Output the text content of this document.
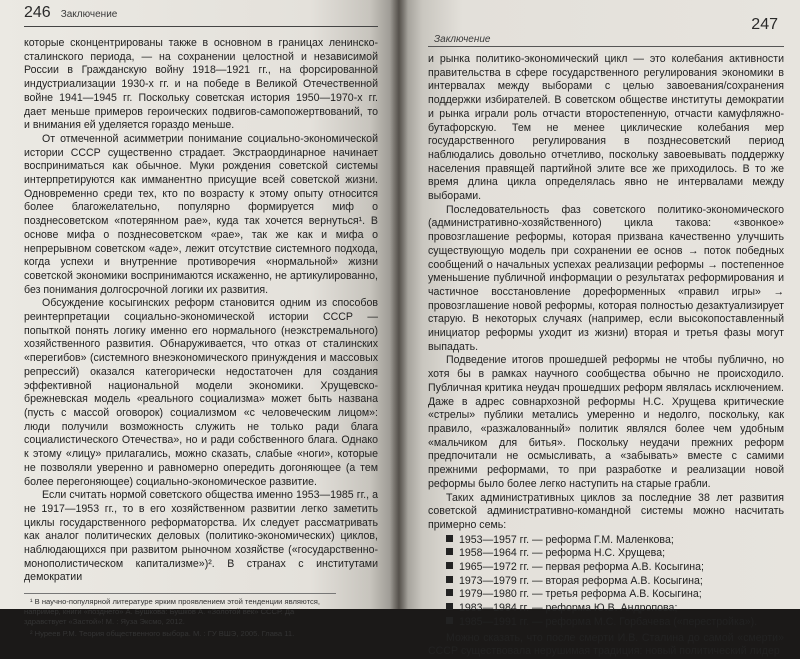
246 Заключение

которые сконцентрированы также в основном в границах ленинско-сталинского периода, — на сохранении целостной и независимой России в Гражданскую войну 1918—1921 гг., на форсированной индустриализации 1930-х гг. и на победе в Великой Отечественной войне 1941—1945 гг. Поскольку советская история 1950—1970-х гг. дает меньше примеров героических подвигов-самопожертвований, то и внимания ей уделяется гораздо меньше.

От отмеченной асимметрии понимание социально-экономической истории СССР существенно страдает. Экстраординарное начинает восприниматься как обычное. Муки рождения советской системы интерпретируются как имманентно присущие всей советской жизни. Одновременно среди тех, кто по возрасту к этому опыту относится более благожелательно, популярно формируется миф о позднесоветском «потерянном рае», куда так хочется вернуться¹. В основе мифа о позднесоветском «рае», так же как и мифа о непрерывном советском «аде», лежит отсутствие системного подхода, когда успехи и внутренние противоречия «нормальной» жизни советской экономики воспринимаются искаженно, не артикулированно, без понимания долгосрочной логики их развития.

Обсуждение косыгинских реформ становится одним из способов реинтерпретации социально-экономической истории СССР — попыткой понять логику именно его нормального (неэкстремального) хозяйственного развития. Обнаруживается, что отказ от сталинских «перегибов» (системного внеэкономического принуждения и массовых репрессий) оказался категорически недостаточен для создания эффективной национальной модели экономики. Хрущевско-брежневская модель «реального социализма» может быть названа (пусть с массой оговорок) социализмом «с человеческим лицом»: люди получили возможность служить не только ради блага социалистического Отечества», но и ради собственного блага. Однако к этому «лицу» прилагались, можно сказать, слабые «ноги», которые не позволяли уверенно и равномерно опередить догоняющее (а тем более перегоняющее) социально-экономическое развитие.

Если считать нормой советского общества именно 1953—1985 гг., а не 1917—1953 гг., то в его хозяйственном развитии легко заметить циклы государственного реформаторства. Их следует рассматривать как аналог политических деловых (политико-экономических) циклов, наблюдающихся при развитом рыночном хозяйстве («государственно-монополистическом капитализме»)². В странах с институтами демократии

¹ В научно-популярной литературе ярким проявлением этой тенденции являются, например, книги «позднего» А. Бушкова: Бушков А. «Золотой век» СССР. Да здравствует «Застой»! М. : Яуза Эксмо, 2012.

² Нуреев Р.М. Теория общественного выбора. М. : ГУ ВШЭ, 2005. Глава 11.

247
Заключение

и рынка политико-экономический цикл — это колебания активности правительства в сфере государственного регулирования экономики в интервалах между выборами с целью завоевания/сохранения поддержки избирателей. В советском обществе институты демократии и рынка играли роль отчасти второстепенную, отчасти камуфляжно-бутафорскую. Тем не менее циклические колебания мер государственного регулирования в позднесоветский период наблюдались довольно отчетливо, поскольку завоевывать поддержку населения правящей партийной элите все же приходилось. В то же время длина цикла определялась явно не интервалами между выборами.

Последовательность фаз советского политико-экономического (административно-хозяйственного) цикла такова: «звонкое» провозглашение реформы, которая призвана качественно улучшить существующую модель при сохранении ее основ → поток победных сообщений о начальных успехах реализации реформы → постепенное уменьшение публичной информации о результатах реформирования и частичное восстановление дореформенных «правил игры» → провозглашение новой реформы, которая полностью дезактуализирует старую. В некоторых случаях (например, если высокопоставленный инициатор реформы уходит из жизни) вторая и третья фазы могут выпадать.

Подведение итогов прошедшей реформы не чтобы публично, но хотя бы в рамках научного сообщества обычно не происходило. Публичная критика неудач прошедших реформ являлась исключением. Даже в адрес совнархозной реформы Н.С. Хрущева критические «стрелы» публики метались умеренно и недолго, поскольку, как правило, «разжалованный» политик являлся более чем удобным «мальчиком для битья». Поскольку неудачи прежних реформ предпочитали не осмысливать, а «забывать» вместе с самими прежними реформами, то при разработке и реализации новой реформы было более легко наступить на старые грабли.

Таких административных циклов за последние 38 лет развития советской административно-командной системы можно насчитать примерно семь:

1953—1957 гг. — реформа Г.М. Маленкова;
1958—1964 гг. — реформа Н.С. Хрущева;
1965—1972 гг. — первая реформа А.В. Косыгина;
1973—1979 гг. — вторая реформа А.В. Косыгина;
1979—1980 гг. — третья реформа А.В. Косыгина;
1983—1984 гг. — реформа Ю.В. Андропова;
1985—1991 гг. — реформа М.С. Горбачева («перестройка»).

Можно сказать, что после смерти И.В. Сталина до самой «смерти» СССР существовала нерушимая традиция: новый политический лидер
